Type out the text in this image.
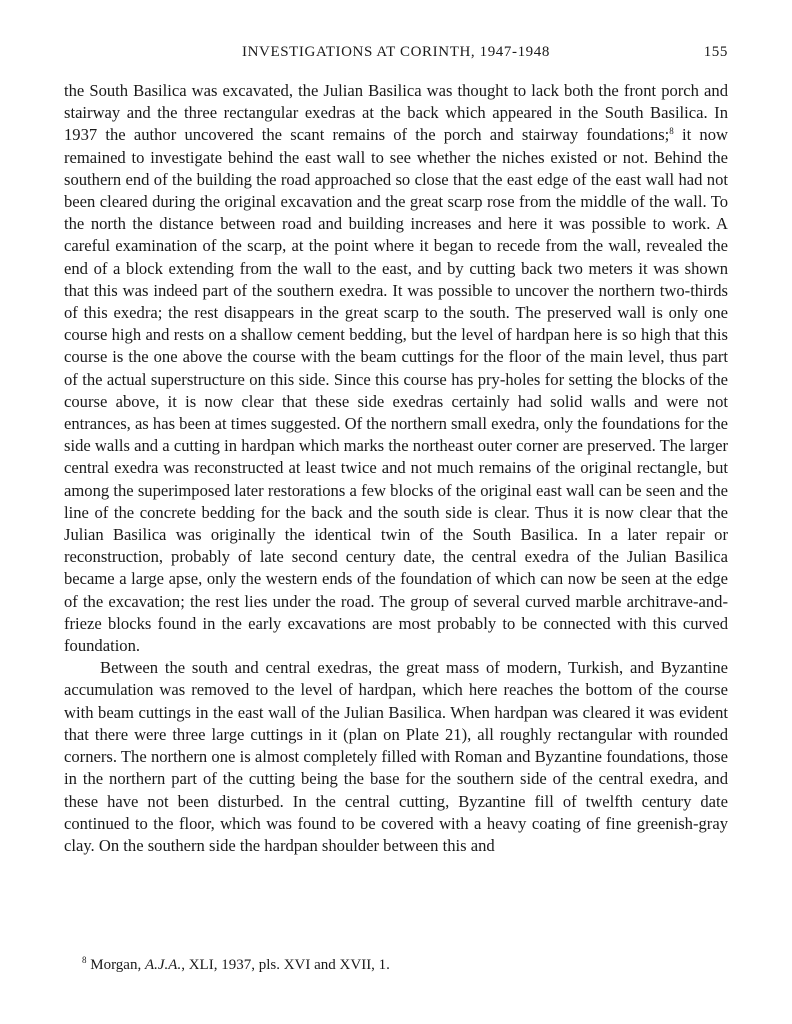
INVESTIGATIONS AT CORINTH, 1947-1948	155

the South Basilica was excavated, the Julian Basilica was thought to lack both the front porch and stairway and the three rectangular exedras at the back which appeared in the South Basilica. In 1937 the author uncovered the scant remains of the porch and stairway foundations;$^8$ it now remained to investigate behind the east wall to see whether the niches existed or not. Behind the southern end of the building the road approached so close that the east edge of the east wall had not been cleared during the original excavation and the great scarp rose from the middle of the wall. To the north the distance between road and building increases and here it was possible to work. A careful examination of the scarp, at the point where it began to recede from the wall, revealed the end of a block extending from the wall to the east, and by cutting back two meters it was shown that this was indeed part of the southern exedra. It was possible to uncover the northern two-thirds of this exedra; the rest disappears in the great scarp to the south. The preserved wall is only one course high and rests on a shallow cement bedding, but the level of hardpan here is so high that this course is the one above the course with the beam cuttings for the floor of the main level, thus part of the actual superstructure on this side. Since this course has pry-holes for setting the blocks of the course above, it is now clear that these side exedras certainly had solid walls and were not entrances, as has been at times suggested. Of the northern small exedra, only the foundations for the side walls and a cutting in hardpan which marks the northeast outer corner are preserved. The larger central exedra was reconstructed at least twice and not much remains of the original rectangle, but among the superimposed later restorations a few blocks of the original east wall can be seen and the line of the concrete bedding for the back and the south side is clear. Thus it is now clear that the Julian Basilica was originally the identical twin of the South Basilica. In a later repair or reconstruction, probably of late second century date, the central exedra of the Julian Basilica became a large apse, only the western ends of the foundation of which can now be seen at the edge of the excavation; the rest lies under the road. The group of several curved marble architrave-and-frieze blocks found in the early excavations are most probably to be connected with this curved foundation.

Between the south and central exedras, the great mass of modern, Turkish, and Byzantine accumulation was removed to the level of hardpan, which here reaches the bottom of the course with beam cuttings in the east wall of the Julian Basilica. When hardpan was cleared it was evident that there were three large cuttings in it (plan on Plate 21), all roughly rectangular with rounded corners. The northern one is almost completely filled with Roman and Byzantine foundations, those in the northern part of the cutting being the base for the southern side of the central exedra, and these have not been disturbed. In the central cutting, Byzantine fill of twelfth century date continued to the floor, which was found to be covered with a heavy coating of fine greenish-gray clay. On the southern side the hardpan shoulder between this and

$^8$ Morgan, A.J.A., XLI, 1937, pls. XVI and XVII, 1.
